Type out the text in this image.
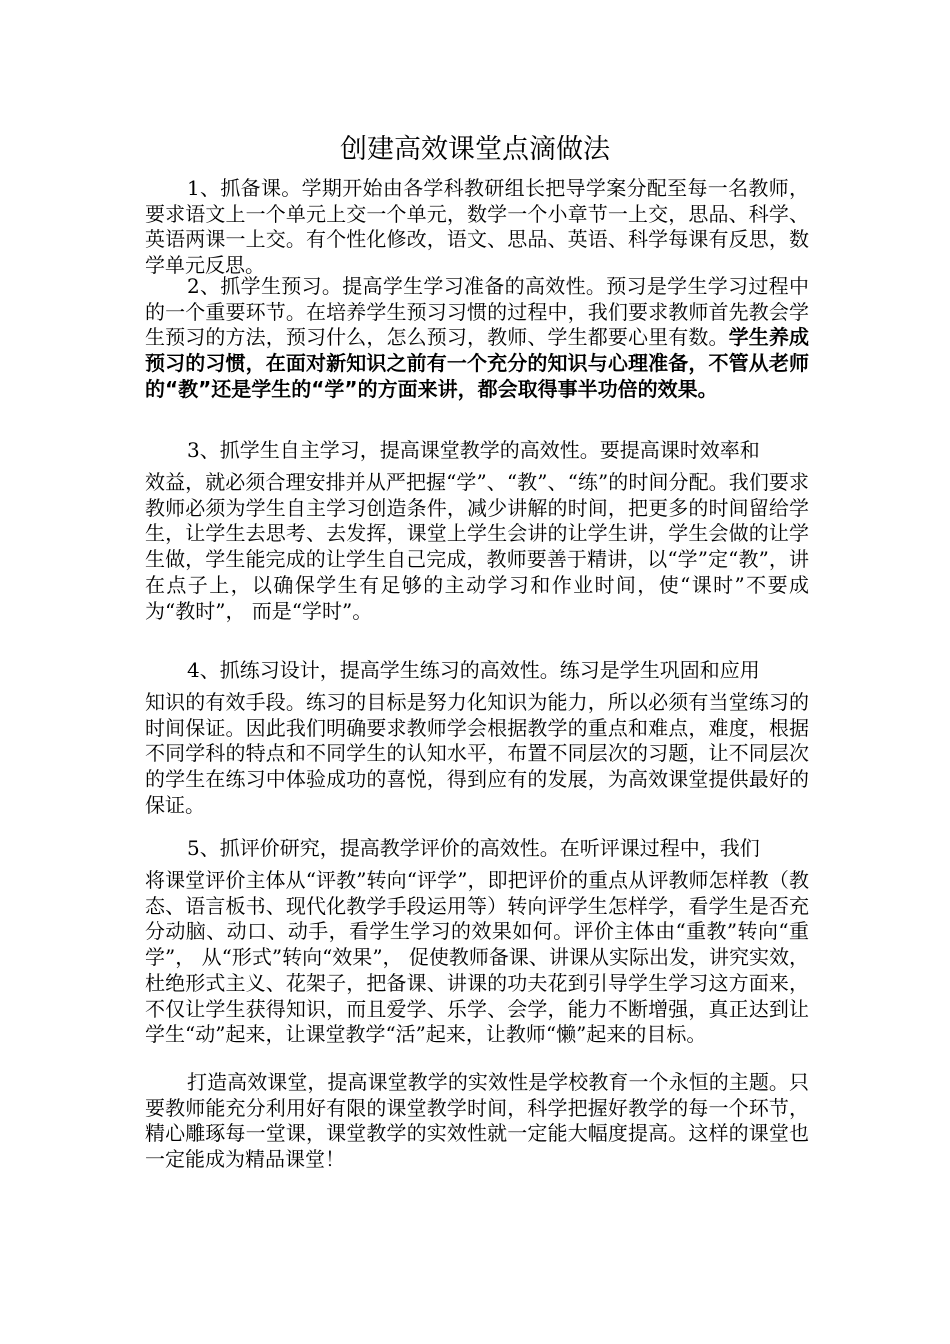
创建高效课堂点滴做法

1、抓备课。学期开始由各学科教研组长把导学案分配至每一名教师，要求语文上一个单元上交一个单元，数学一个小章节一上交，思品、科学、英语两课一上交。有个性化修改，语文、思品、英语、科学每课有反思，数学单元反思。

2、抓学生预习。提高学生学习准备的高效性。预习是学生学习过程中的一个重要环节。在培养学生预习习惯的过程中，我们要求教师首先教会学生预习的方法，预习什么，怎么预习，教师、学生都要心里有数。学生养成预习的习惯，在面对新知识之前有一个充分的知识与心理准备，不管从老师的“教”还是学生的“学”的方面来讲，都会取得事半功倍的效果。

3、抓学生自主学习，提高课堂教学的高效性。要提高课时效率和
效益，就必须合理安排并从严把握“学”、“教”、“练”的时间分配。我们要求教师必须为学生自主学习创造条件，减少讲解的时间，把更多的时间留给学生，让学生去思考、去发挥，课堂上学生会讲的让学生讲，学生会做的让学生做，学生能完成的让学生自己完成，教师要善于精讲，以“学”定“教”，讲在点子上，以确保学生有足够的主动学习和作业时间，使“课时”不要成为“教时”， 而是“学时”。
4、抓练习设计，提高学生练习的高效性。练习是学生巩固和应用
知识的有效手段。练习的目标是努力化知识为能力，所以必须有当堂练习的时间保证。因此我们明确要求教师学会根据教学的重点和难点，难度，根据不同学科的特点和不同学生的认知水平，布置不同层次的习题，让不同层次的学生在练习中体验成功的喜悦，得到应有的发展，为高效课堂提供最好的保证。
5、抓评价研究，提高教学评价的高效性。在听评课过程中，我们
将课堂评价主体从“评教”转向“评学”，即把评价的重点从评教师怎样教（教态、语言板书、现代化教学手段运用等）转向评学生怎样学，看学生是否充分动脑、动口、动手，看学生学习的效果如何。评价主体由“重教”转向“重学”， 从“形式”转向“效果”， 促使教师备课、讲课从实际出发，讲究实效，杜绝形式主义、花架子，把备课、讲课的功夫花到引导学生学习这方面来，不仅让学生获得知识，而且爱学、乐学、会学，能力不断增强，真正达到让学生“动”起来，让课堂教学“活”起来，让教师“懒”起来的目标。

打造高效课堂，提高课堂教学的实效性是学校教育一个永恒的主题。只要教师能充分利用好有限的课堂教学时间，科学把握好教学的每一个环节，精心雕琢每一堂课，课堂教学的实效性就一定能大幅度提高。这样的课堂也一定能成为精品课堂！
